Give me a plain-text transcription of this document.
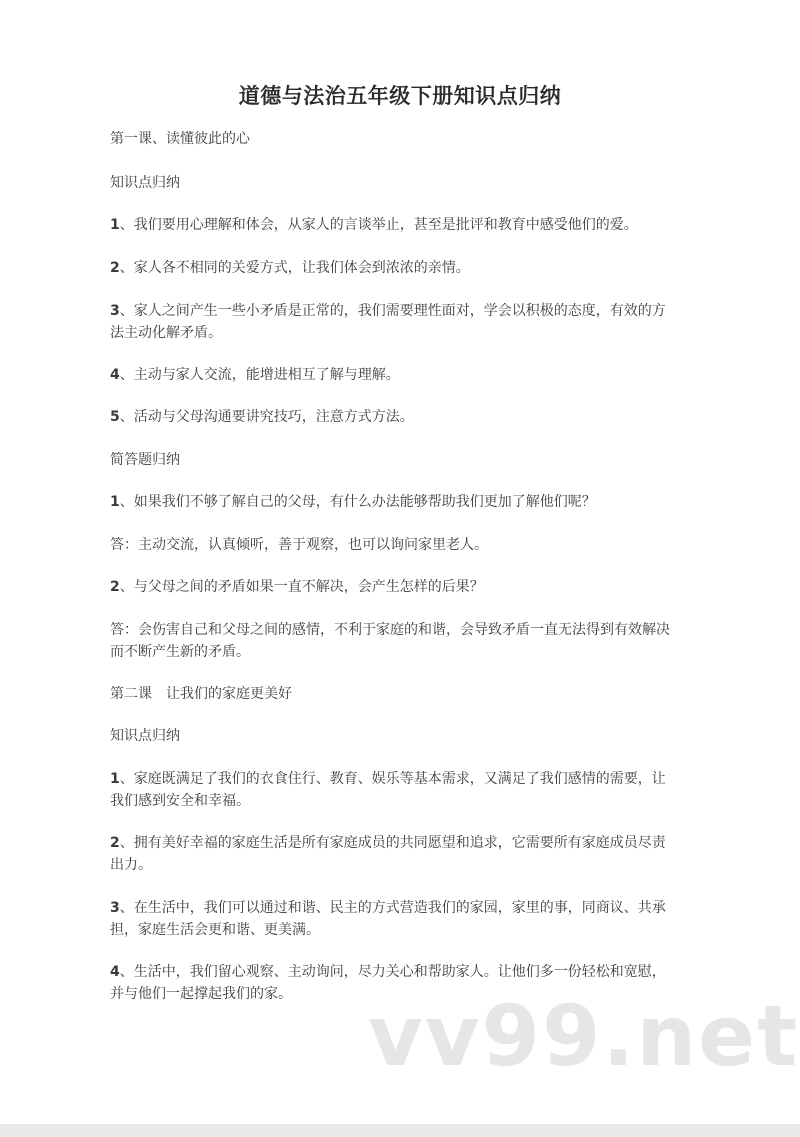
道德与法治五年级下册知识点归纳
第一课、读懂彼此的心
知识点归纳
1、我们要用心理解和体会，从家人的言谈举止，甚至是批评和教育中感受他们的爱。
2、家人各不相同的关爱方式，让我们体会到浓浓的亲情。
3、家人之间产生一些小矛盾是正常的，我们需要理性面对，学会以积极的态度，有效的方
法主动化解矛盾。
4、主动与家人交流，能增进相互了解与理解。
5、活动与父母沟通要讲究技巧，注意方式方法。
简答题归纳
1、如果我们不够了解自己的父母，有什么办法能够帮助我们更加了解他们呢？
答：主动交流，认真倾听，善于观察，也可以询问家里老人。
2、与父母之间的矛盾如果一直不解决，会产生怎样的后果？
答：会伤害自己和父母之间的感情，不利于家庭的和谐，会导致矛盾一直无法得到有效解决
而不断产生新的矛盾。
第二课　让我们的家庭更美好
知识点归纳
1、家庭既满足了我们的衣食住行、教育、娱乐等基本需求，又满足了我们感情的需要，让
我们感到安全和幸福。
2、拥有美好幸福的家庭生活是所有家庭成员的共同愿望和追求，它需要所有家庭成员尽责
出力。
3、在生活中，我们可以通过和谐、民主的方式营造我们的家园，家里的事，同商议、共承
担，家庭生活会更和谐、更美满。
4、生活中，我们留心观察、主动询问，尽力关心和帮助家人。让他们多一份轻松和宽慰，
并与他们一起撑起我们的家。 vv99.net
